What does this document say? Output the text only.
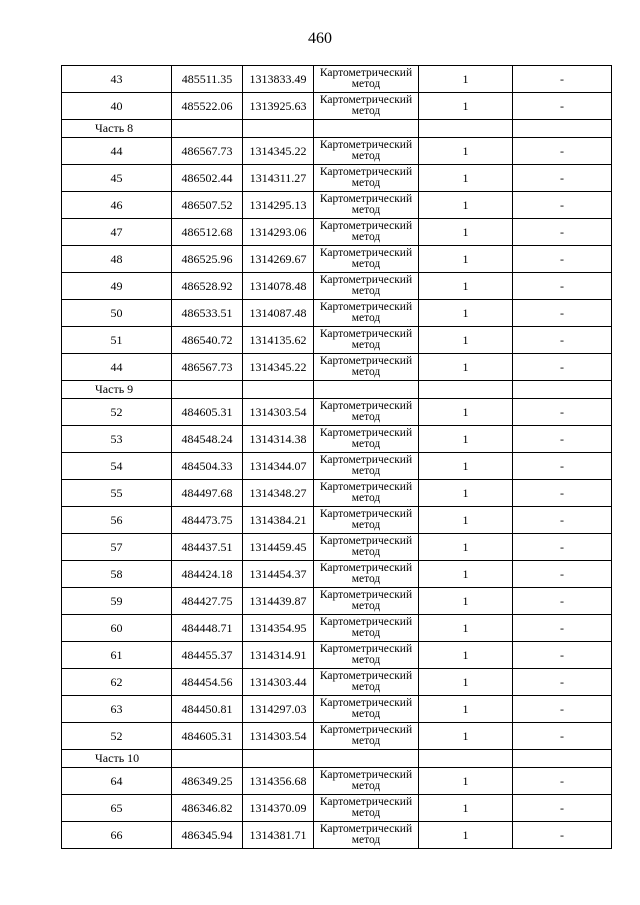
460
43	485511.35	1313833.49	Картометрический метод	1	-
40	485522.06	1313925.63	Картометрический метод	1	-
Часть 8					
44	486567.73	1314345.22	Картометрический метод	1	-
45	486502.44	1314311.27	Картометрический метод	1	-
46	486507.52	1314295.13	Картометрический метод	1	-
47	486512.68	1314293.06	Картометрический метод	1	-
48	486525.96	1314269.67	Картометрический метод	1	-
49	486528.92	1314078.48	Картометрический метод	1	-
50	486533.51	1314087.48	Картометрический метод	1	-
51	486540.72	1314135.62	Картометрический метод	1	-
44	486567.73	1314345.22	Картометрический метод	1	-
Часть 9					
52	484605.31	1314303.54	Картометрический метод	1	-
53	484548.24	1314314.38	Картометрический метод	1	-
54	484504.33	1314344.07	Картометрический метод	1	-
55	484497.68	1314348.27	Картометрический метод	1	-
56	484473.75	1314384.21	Картометрический метод	1	-
57	484437.51	1314459.45	Картометрический метод	1	-
58	484424.18	1314454.37	Картометрический метод	1	-
59	484427.75	1314439.87	Картометрический метод	1	-
60	484448.71	1314354.95	Картометрический метод	1	-
61	484455.37	1314314.91	Картометрический метод	1	-
62	484454.56	1314303.44	Картометрический метод	1	-
63	484450.81	1314297.03	Картометрический метод	1	-
52	484605.31	1314303.54	Картометрический метод	1	-
Часть 10					
64	486349.25	1314356.68	Картометрический метод	1	-
65	486346.82	1314370.09	Картометрический метод	1	-
66	486345.94	1314381.71	Картометрический метод	1	-
